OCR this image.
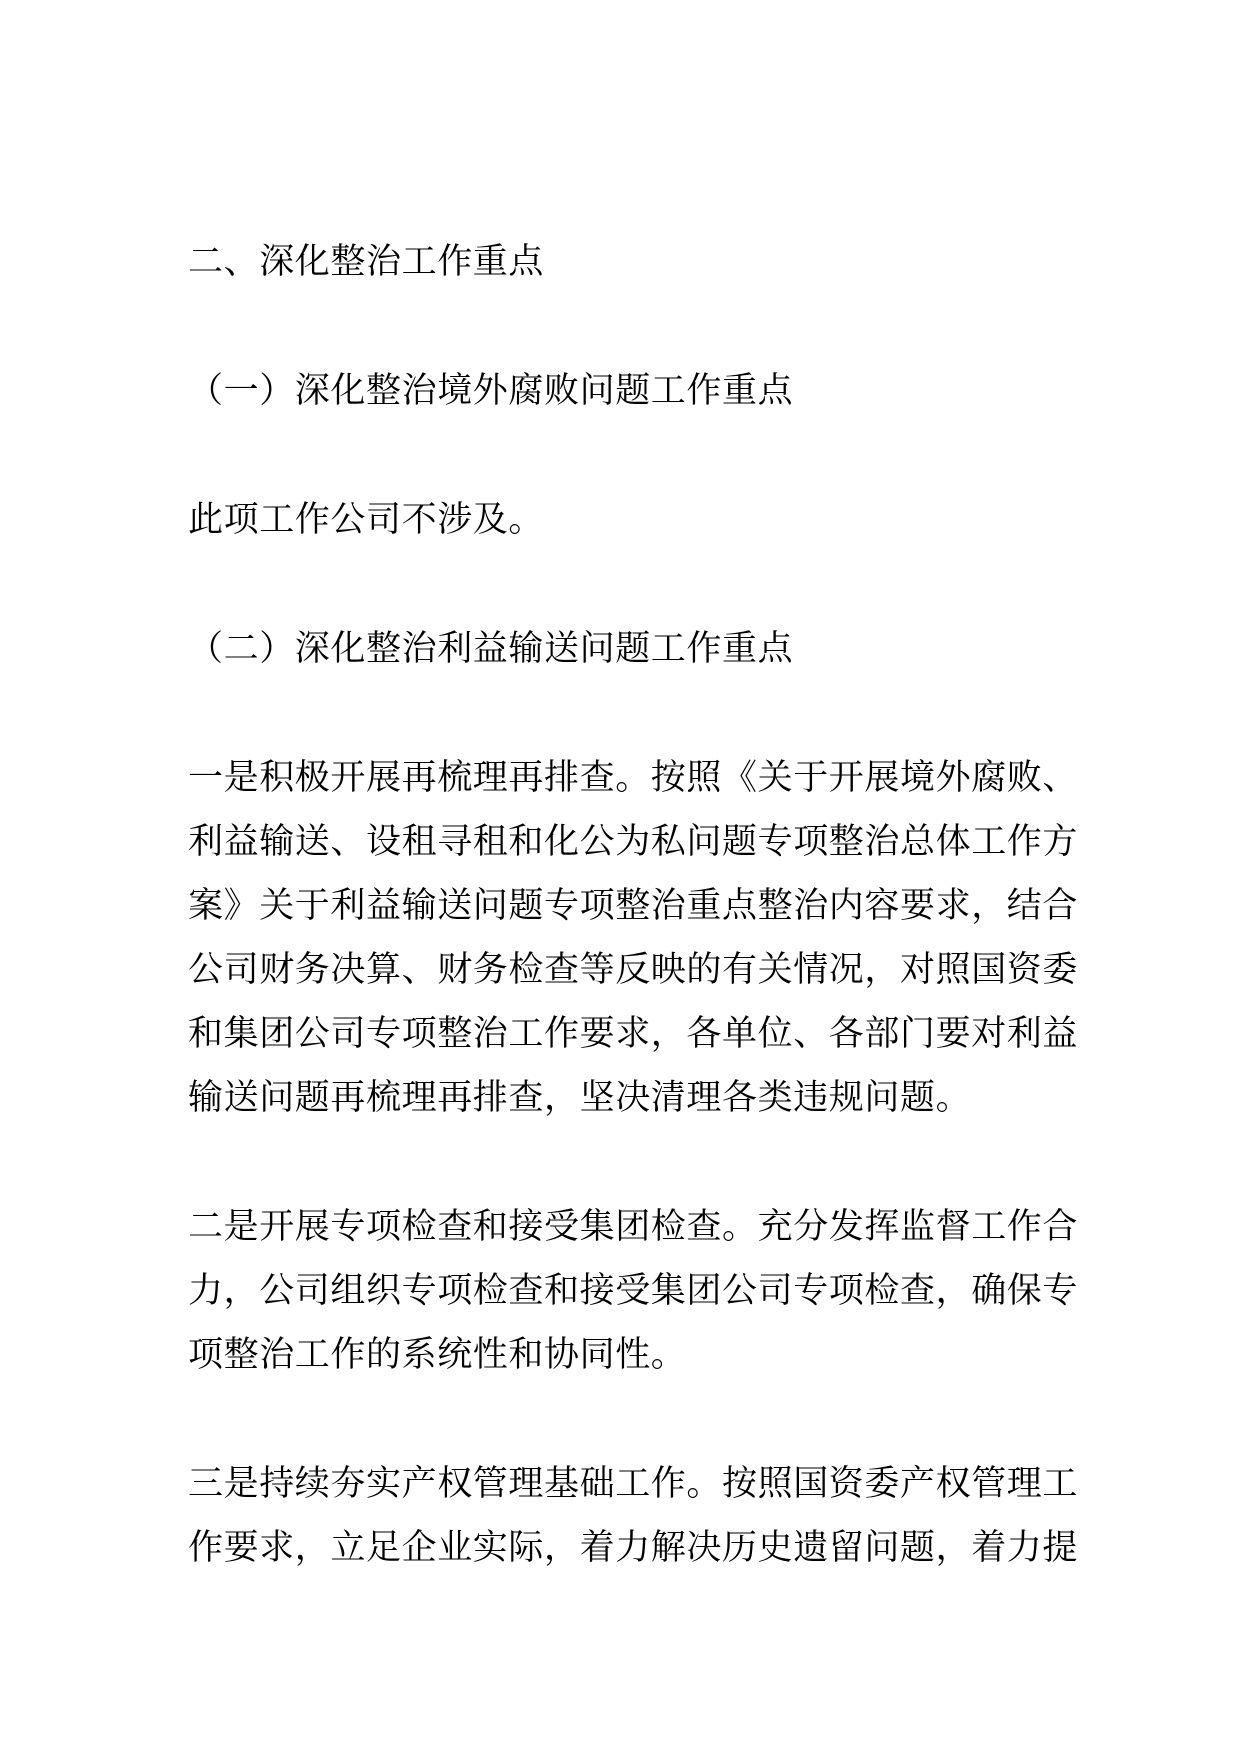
二、深化整治工作重点

（一）深化整治境外腐败问题工作重点

此项工作公司不涉及。

（二）深化整治利益输送问题工作重点

一是积极开展再梳理再排查。按照《关于开展境外腐败、
利益输送、设租寻租和化公为私问题专项整治总体工作方
案》关于利益输送问题专项整治重点整治内容要求，结合
公司财务决算、财务检查等反映的有关情况，对照国资委
和集团公司专项整治工作要求，各单位、各部门要对利益
输送问题再梳理再排查，坚决清理各类违规问题。

二是开展专项检查和接受集团检查。充分发挥监督工作合
力，公司组织专项检查和接受集团公司专项检查，确保专
项整治工作的系统性和协同性。

三是持续夯实产权管理基础工作。按照国资委产权管理工
作要求，立足企业实际，着力解决历史遗留问题，着力提
